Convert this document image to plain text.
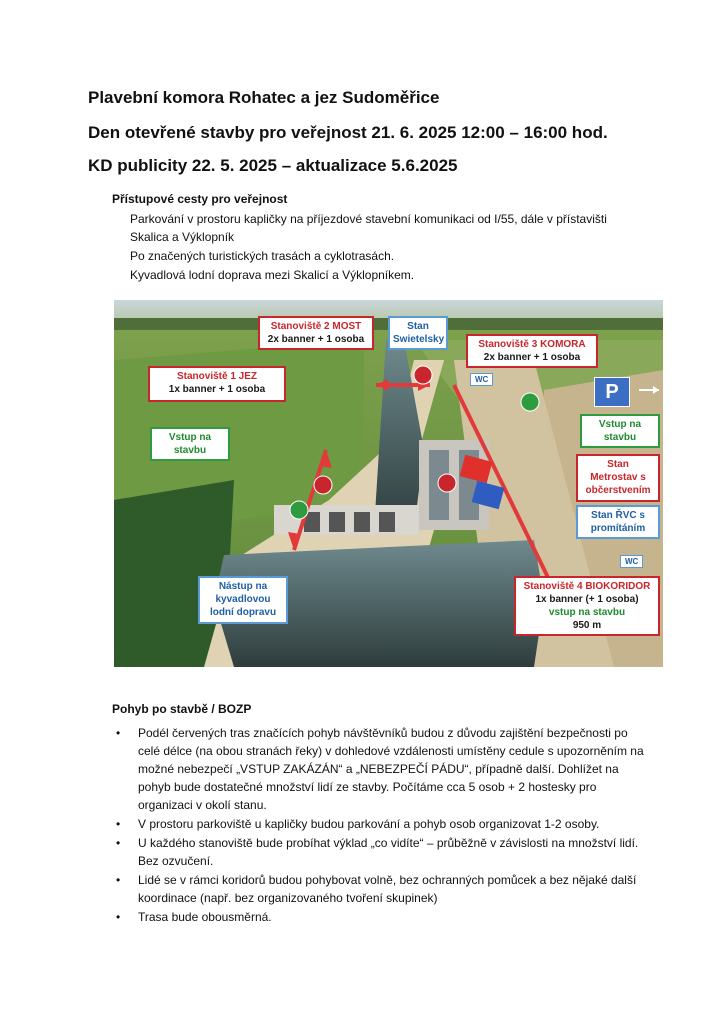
Plavební komora Rohatec a jez Sudoměřice
Den otevřené stavby pro veřejnost 21. 6. 2025 12:00 – 16:00 hod.
KD publicity 22. 5. 2025 – aktualizace 5.6.2025
Přístupové cesty pro veřejnost

Parkování v prostoru kapličky na příjezdové stavební komunikaci od I/55, dále v přístavišti Skalica a Výklopník

Po značených turistických trasách a cyklotrasách.

Kyvadlová lodní doprava mezi Skalicí a Výklopníkem.

Stanoviště 2 MOST
2x banner + 1 osoba
Stan
Swietelsky	Stanoviště 3 KOMORA
2x banner + 1 osoba
Stanoviště 1 JEZ
1x banner + 1 osoba
WC
P
Vstup na
stavbu
Vstup na
stavbu
Stan
Metrostav s
občerstvením
Stan ŘVC s
promítáním
WC
Nástup na
kyvadlovou
lodní dopravu
Stanoviště 4 BIOKORIDOR
1x banner (+ 1 osoba)
vstup na stavbu
950 m
Pohyb po stavbě / BOZP
• Podél červených tras značících pohyb návštěvníků budou z důvodu zajištění bezpečnosti po celé délce (na obou stranách řeky) v dohledové vzdálenosti umístěny cedule s upozorněním na možné nebezpečí „VSTUP ZAKÁZÁN“ a „NEBEZPEČÍ PÁDU“, případně další. Dohlížet na pohyb bude dostatečné množství lidí ze stavby. Počítáme cca 5 osob + 2 hostesky pro organizaci v okolí stanu.
• V prostoru parkoviště u kapličky budou parkování a pohyb osob organizovat 1-2 osoby.
• U každého stanoviště bude probíhat výklad „co vidíte“ – průběžně v závislosti na množství lidí. Bez ozvučení.
• Lidé se v rámci koridorů budou pohybovat volně, bez ochranných pomůcek a bez nějaké další koordinace (např. bez organizovaného tvoření skupinek)
• Trasa bude obousměrná.
